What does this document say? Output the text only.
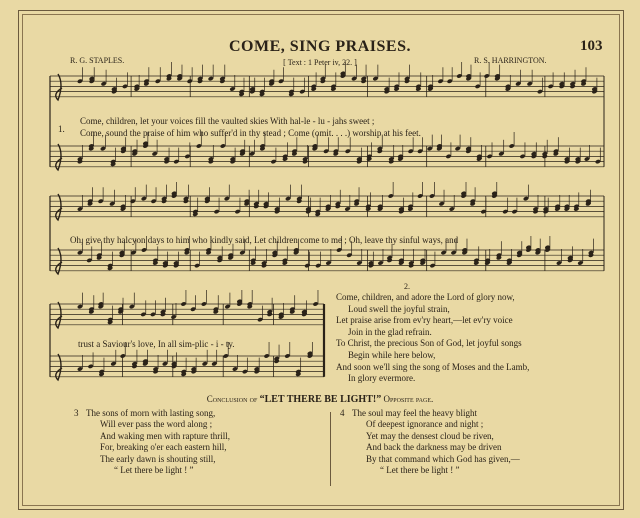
COME, SING PRAISES.	103
[ Text : 1 Peter iv, 22. ]
R. G. STAPLES.	R. S. HARRINGTON.
1.
Come, children, let your voices fill the vaulted skies With hal-le - lu - jahs sweet ;
Come, sound the praise of him who suffer'd in thy stead ; Come (omit. . . .) worship at his feet.
Oh, give thy halcyon days to him who kindly said, Let children come to me ; Oh, leave thy sinful ways, and
trust a Saviour's love, In all sim-plic - i - ty.
2.
Come, children, and adore the Lord of glory now,
Loud swell the joyful strain,
Let praise arise from ev'ry heart,—let ev'ry voice
Join in the glad refrain.
To Christ, the precious Son of God, let joyful songs
Begin while here below,
And soon we'll sing the song of Moses and the Lamb,
In glory evermore.
Conclusion of “LET THERE BE LIGHT!” Opposite page.
3 The sons of morn with lasting song,
Will ever pass the word along ;
And waking men with rapture thrill,
For, breaking o'er each eastern hill,
The early dawn is shouting still,
“ Let there be light ! ”
4 The soul may feel the heavy blight
Of deepest ignorance and night ;
Yet may the densest cloud be riven,
And back the darkness may be driven
By that command which God has given,—
“ Let there be light ! ”
